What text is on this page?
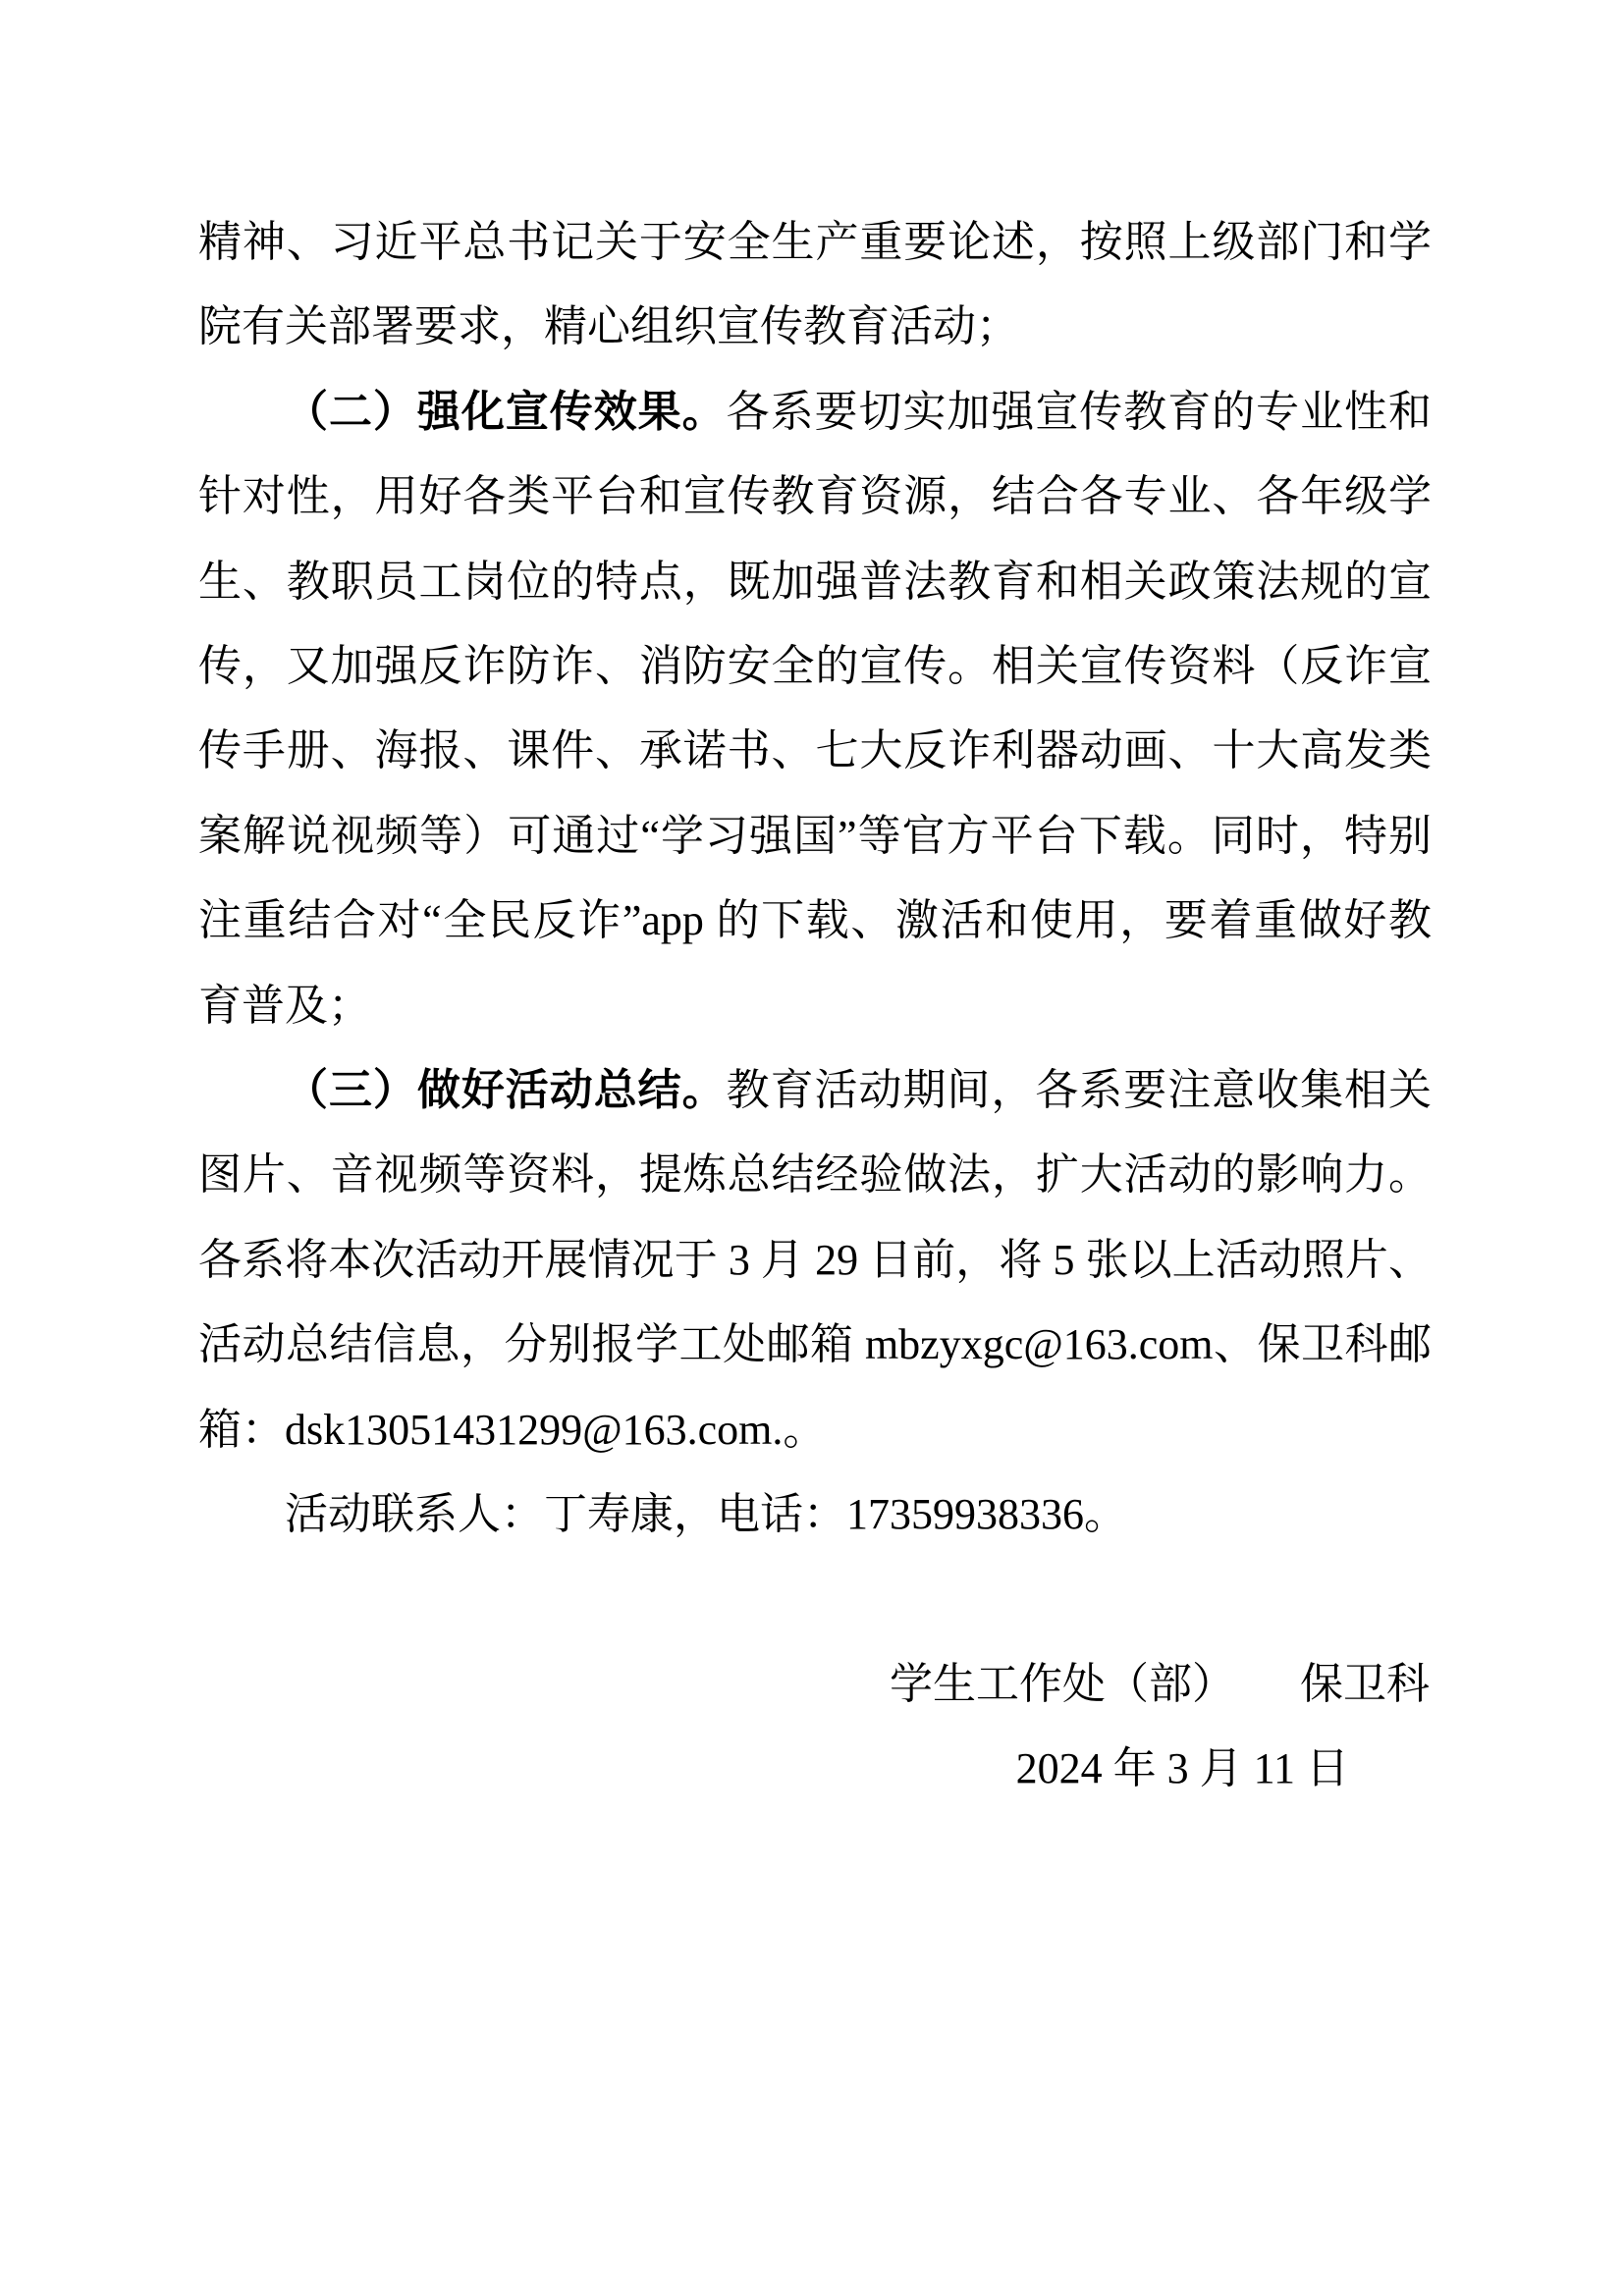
精神、习近平总书记关于安全生产重要论述，按照上级部门和学院有关部署要求，精心组织宣传教育活动；

（二）强化宣传效果。各系要切实加强宣传教育的专业性和针对性，用好各类平台和宣传教育资源，结合各专业、各年级学生、教职员工岗位的特点，既加强普法教育和相关政策法规的宣传，又加强反诈防诈、消防安全的宣传。相关宣传资料（反诈宣传手册、海报、课件、承诺书、七大反诈利器动画、十大高发类案解说视频等）可通过“学习强国”等官方平台下载。同时，特别注重结合对“全民反诈”app 的下载、激活和使用，要着重做好教育普及；

（三）做好活动总结。教育活动期间，各系要注意收集相关图片、音视频等资料，提炼总结经验做法，扩大活动的影响力。各系将本次活动开展情况于 3 月 29 日前，将 5 张以上活动照片、活动总结信息，分别报学工处邮箱 mbzyxgc@163.com、保卫科邮箱：dsk13051431299@163.com.。

活动联系人：丁寿康，电话：17359938336。

学生工作处（部）　　保卫科

2024 年 3 月 11 日
